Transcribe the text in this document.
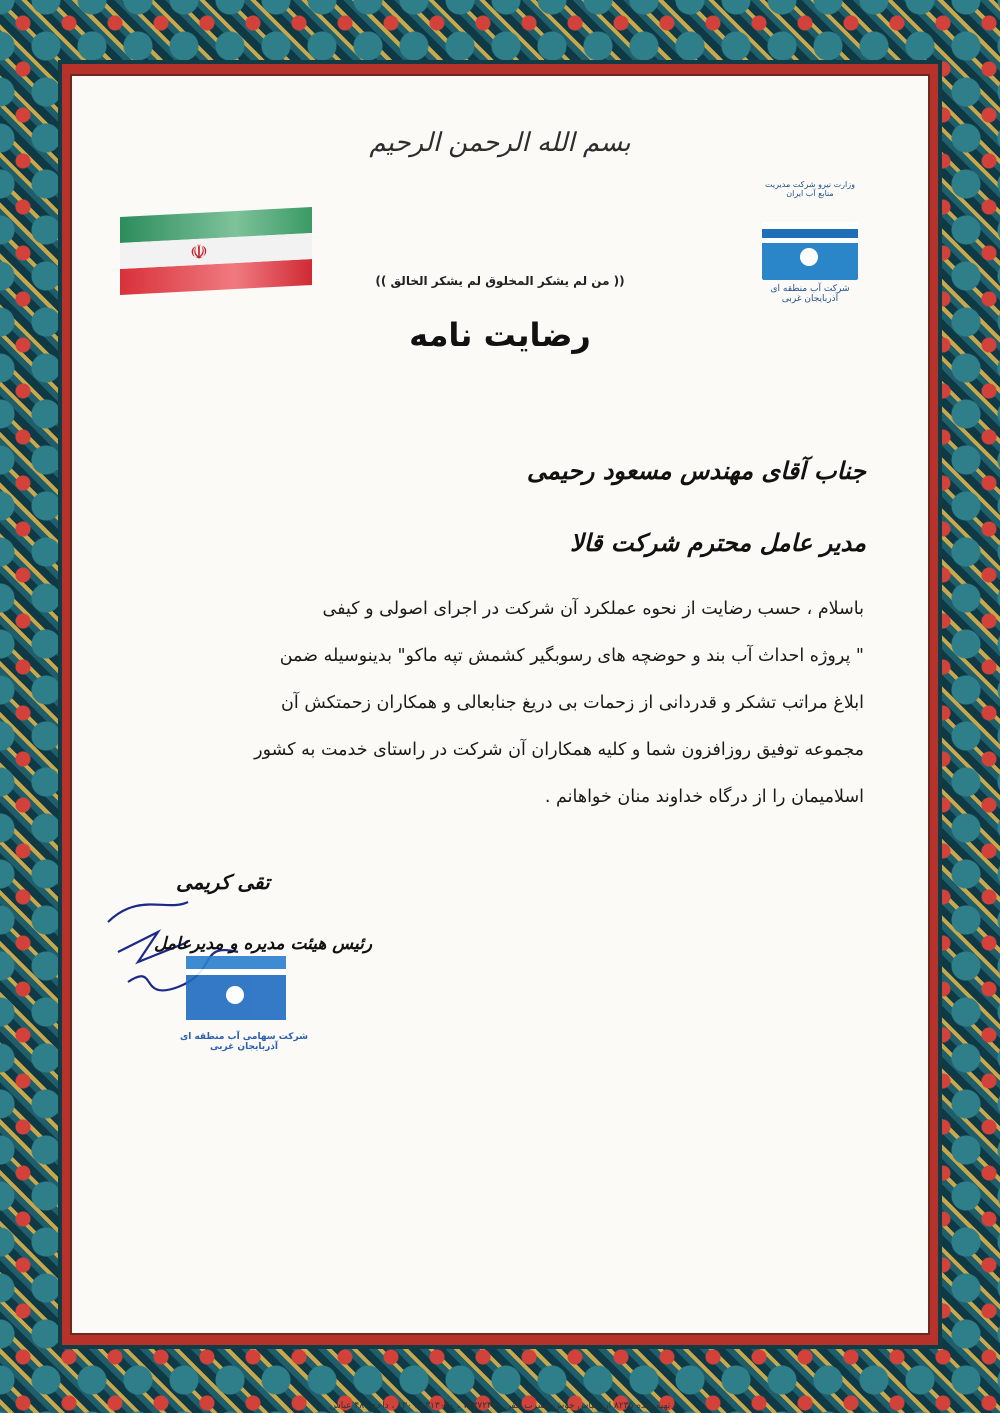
بسم الله الرحمن الرحیم
☫
وزارت نیرو شرکت مدیریت منابع آب ایران
شرکت آب منطقه ای آذربایجان غربی
(( من لم یشکر المخلوق لم یشکر الخالق ))
رضایت نامه
جناب آقای مهندس مسعود رحیمی
مدیر عامل محترم شرکت قالا
باسلام ، حسب رضایت از نحوه عملکرد آن شرکت در اجرای اصولی و کیفی
" پروژه احداث آب بند و حوضچه های رسوبگیر کشمش تپه ماکو" بدینوسیله ضمن
ابلاغ مراتب تشکر و قدردانی از زحمات بی دریغ جنابعالی و همکاران زحمتکش آن
مجموعه توفیق روزافزون شما و کلیه همکاران آن شرکت در راستای خدمت به کشور
اسلامیمان را از درگاه خداوند منان خواهانم .
تقی کریمی
رئیس هیئت مدیره و مدیرعامل
شرکت سهامی آب منطقه ای آذربایجان غربی
تهیه شده ۸۲۳۵ ان عباس خوش مشرب تلفن ۷۲۳۷۲۴۷۰ ، ۱۳۱۳۰۴۰ ، ۱۳۰ ، داحد ۴۸۰ عباس
